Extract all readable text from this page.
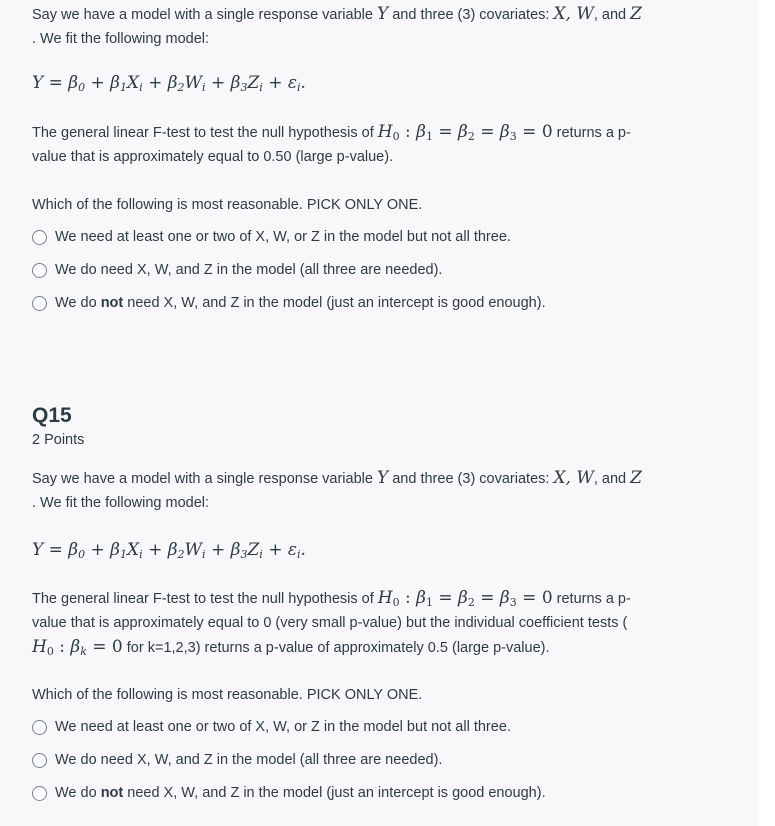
Say we have a model with a single response variable Y and three (3) covariates: X, W, and Z
. We fit the following model:

$Y = \beta_0 + \beta_1X_i + \beta_2W_i + \beta_3Z_i + \varepsilon_i$.

The general linear F-test to test the null hypothesis of $H_0$ : $\beta_1 = \beta_2 = \beta_3 = 0$ returns a p-
value that is approximately equal to 0.50 (large p-value).

Which of the following is most reasonable. PICK ONLY ONE.

We need at least one or two of X, W, or Z in the model but not all three.
We do need X, W, and Z in the model (all three are needed).
We do not need X, W, and Z in the model (just an intercept is good enough).
Q15
2 Points

Say we have a model with a single response variable Y and three (3) covariates: X, W, and Z
. We fit the following model:

$Y = \beta_0 + \beta_1X_i + \beta_2W_i + \beta_3Z_i + \varepsilon_i$.

The general linear F-test to test the null hypothesis of $H_0$ : $\beta_1 = \beta_2 = \beta_3 = 0$ returns a p-
value that is approximately equal to 0 (very small p-value) but the individual coefficient tests (
$H_0$ : $\beta_k = 0$ for k=1,2,3) returns a p-value of approximately 0.5 (large p-value).

Which of the following is most reasonable. PICK ONLY ONE.

We need at least one or two of X, W, or Z in the model but not all three.
We do need X, W, and Z in the model (all three are needed).
We do not need X, W, and Z in the model (just an intercept is good enough).
